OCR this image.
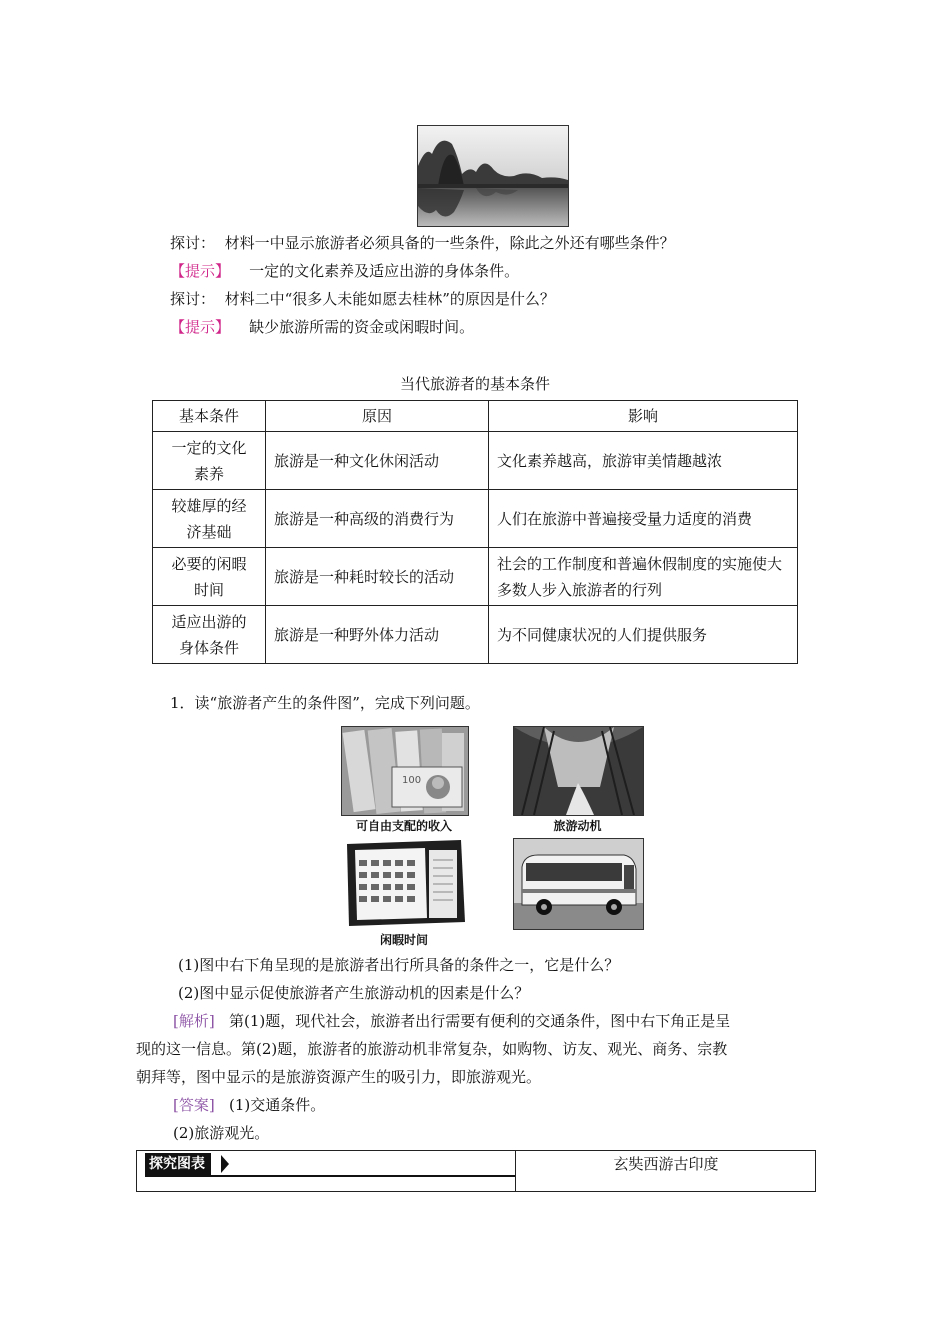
探讨： 材料一中显示旅游者必须具备的一些条件，除此之外还有哪些条件？
【提示】 一定的文化素养及适应出游的身体条件。
探讨： 材料二中“很多人未能如愿去桂林”的原因是什么？
【提示】 缺少旅游所需的资金或闲暇时间。
当代旅游者的基本条件
基本条件	原因	影响
一定的文化
素养	旅游是一种文化休闲活动	文化素养越高，旅游审美情趣越浓
较雄厚的经
济基础	旅游是一种高级的消费行为	人们在旅游中普遍接受量力适度的消费
必要的闲暇
时间	旅游是一种耗时较长的活动	社会的工作制度和普遍休假制度的实施使大多数人步入旅游者的行列
适应出游的
身体条件	旅游是一种野外体力活动	为不同健康状况的人们提供服务
1．读“旅游者产生的条件图”，完成下列问题。
100
可自由支配的收入	旅游动机
闲暇时间
(1)图中右下角呈现的是旅游者出行所具备的条件之一，它是什么？
(2)图中显示促使旅游者产生旅游动机的因素是什么？
[解析] 第(1)题，现代社会，旅游者出行需要有便利的交通条件，图中右下角正是呈
现的这一信息。第(2)题，旅游者的旅游动机非常复杂，如购物、访友、观光、商务、宗教
朝拜等，图中显示的是旅游资源产生的吸引力，即旅游观光。
[答案] (1)交通条件。
(2)旅游观光。
探究图表	玄奘西游古印度
